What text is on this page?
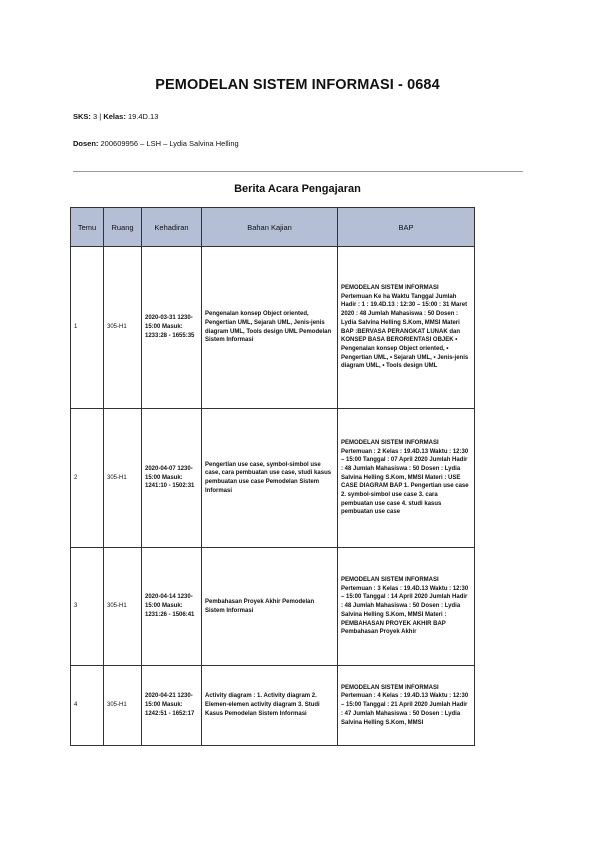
PEMODELAN SISTEM INFORMASI - 0684
SKS: 3 | Kelas: 19.4D.13
Dosen: 200609956 – LSH – Lydia Salvina Helling
Berita Acara Pengajaran
Temu	Ruang	Kehadiran	Bahan Kajian	BAP
1	305-H1	2020-03-31 1230-15:00 Masuk: 1233:28 - 1655:35	Pengenalan konsep Object oriented, Pengertian UML, Sejarah UML, Jenis-jenis diagram UML, Tools design UML Pemodelan Sistem Informasi	PEMODELAN SISTEM INFORMASI Pertemuan Ke ha Waktu Tanggal Jumlah Hadir : 1 : 19.4D.13 : 12:30 – 15:00 : 31 Maret 2020 : 48 Jumlah Mahasiswa : 50 Dosen : Lydia Salvina Helling S.Kom, MMSI Materi BAP :BERVASA PERANGKAT LUNAK dan KONSEP BASA BERORIENTASI OBJEK • Pengenalan konsep Object oriented, • Pengertian UML, • Sejarah UML, • Jenis-jenis diagram UML, • Tools design UML
2	305-H1	2020-04-07 1230-15:00 Masuk: 1241:10 - 1502:31	Pengertian use case, symbol-simbol use case, cara pembuatan use case, studi kasus pembuatan use case Pemodelan Sistem Informasi	PEMODELAN SISTEM INFORMASI Pertemuan : 2 Kelas : 19.4D.13 Waktu : 12:30 – 15:00 Tanggal : 07 April 2020 Jumlah Hadir : 48 Jumlah Mahasiswa : 50 Dosen : Lydia Salvina Helling S.Kom, MMSI Materi : USE CASE DIAGRAM BAP 1. Pengertian use case 2. symbol-simbol use case 3. cara pembuatan use case 4. studi kasus pembuatan use case
3	305-H1	2020-04-14 1230-15:00 Masuk: 1231:26 - 1506:41	Pembahasan Proyek Akhir Pemodelan Sistem Informasi	PEMODELAN SISTEM INFORMASI Pertemuan : 3 Kelas : 19.4D.13 Waktu : 12:30 – 15:00 Tanggal : 14 April 2020 Jumlah Hadir : 48 Jumlah Mahasiswa : 50 Dosen : Lydia Salvina Helling S.Kom, MMSI Materi : PEMBAHASAN PROYEK AKHIR BAP Pembahasan Proyek Akhir
4	305-H1	2020-04-21 1230-15:00 Masuk: 1242:51 - 1652:17	Activity diagram : 1. Activity diagram 2. Elemen-elemen activity diagram 3. Studi Kasus Pemodelan Sistem Informasi	PEMODELAN SISTEM INFORMASI Pertemuan : 4 Kelas : 19.4D.13 Waktu : 12:30 – 15:00 Tanggal : 21 April 2020 Jumlah Hadir : 47 Jumlah Mahasiswa : 50 Dosen : Lydia Salvina Helling S.Kom, MMSI
